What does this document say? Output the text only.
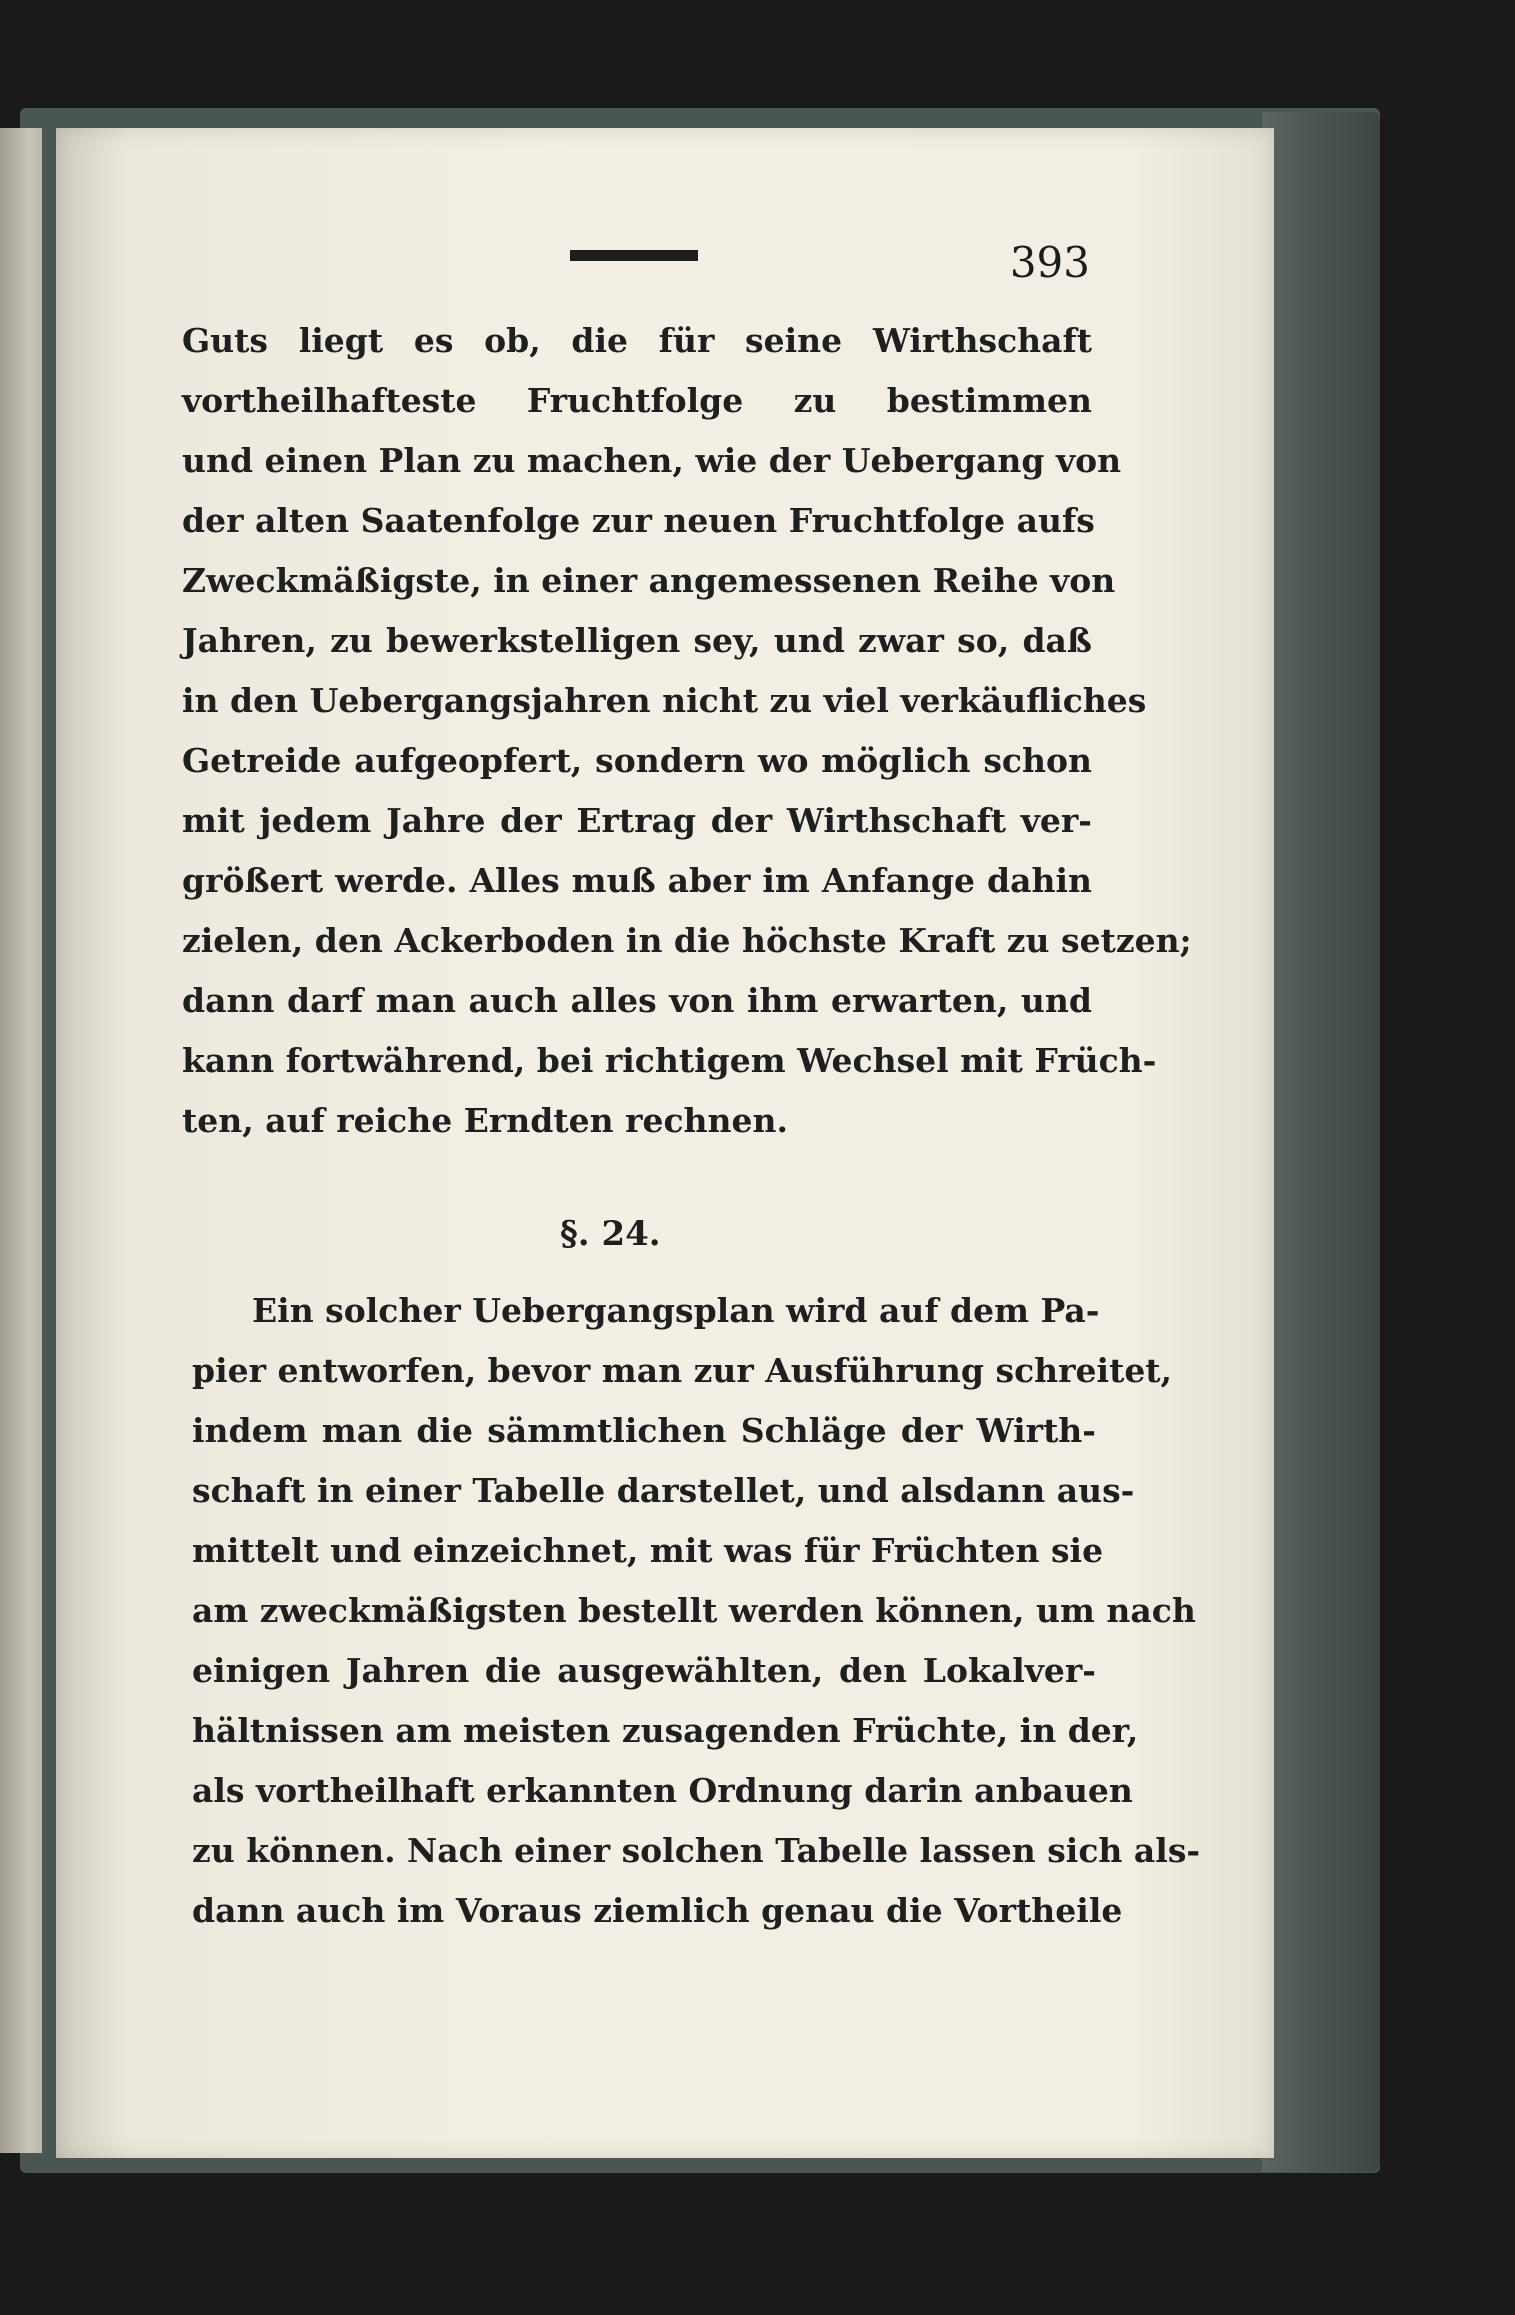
393

Guts liegt es ob, die für seine Wirthschaft

vortheilhafteste Fruchtfolge zu bestimmen

und einen Plan zu machen, wie der Uebergang von

der alten Saatenfolge zur neuen Fruchtfolge aufs

Zweckmäßigste, in einer angemessenen Reihe von

Jahren, zu bewerkstelligen sey, und zwar so, daß

in den Uebergangsjahren nicht zu viel verkäufliches

Getreide aufgeopfert, sondern wo möglich schon

mit jedem Jahre der Ertrag der Wirthschaft ver-

größert werde. Alles muß aber im Anfange dahin

zielen, den Ackerboden in die höchste Kraft zu setzen;

dann darf man auch alles von ihm erwarten, und

kann fortwährend, bei richtigem Wechsel mit Früch-

ten, auf reiche Erndten rechnen.

§. 24.

Ein solcher Uebergangsplan wird auf dem Pa-

pier entworfen, bevor man zur Ausführung schreitet,

indem man die sämmtlichen Schläge der Wirth-

schaft in einer Tabelle darstellet, und alsdann aus-

mittelt und einzeichnet, mit was für Früchten sie

am zweckmäßigsten bestellt werden können, um nach

einigen Jahren die ausgewählten, den Lokalver-

hältnissen am meisten zusagenden Früchte, in der,

als vortheilhaft erkannten Ordnung darin anbauen

zu können. Nach einer solchen Tabelle lassen sich als-

dann auch im Voraus ziemlich genau die Vortheile
